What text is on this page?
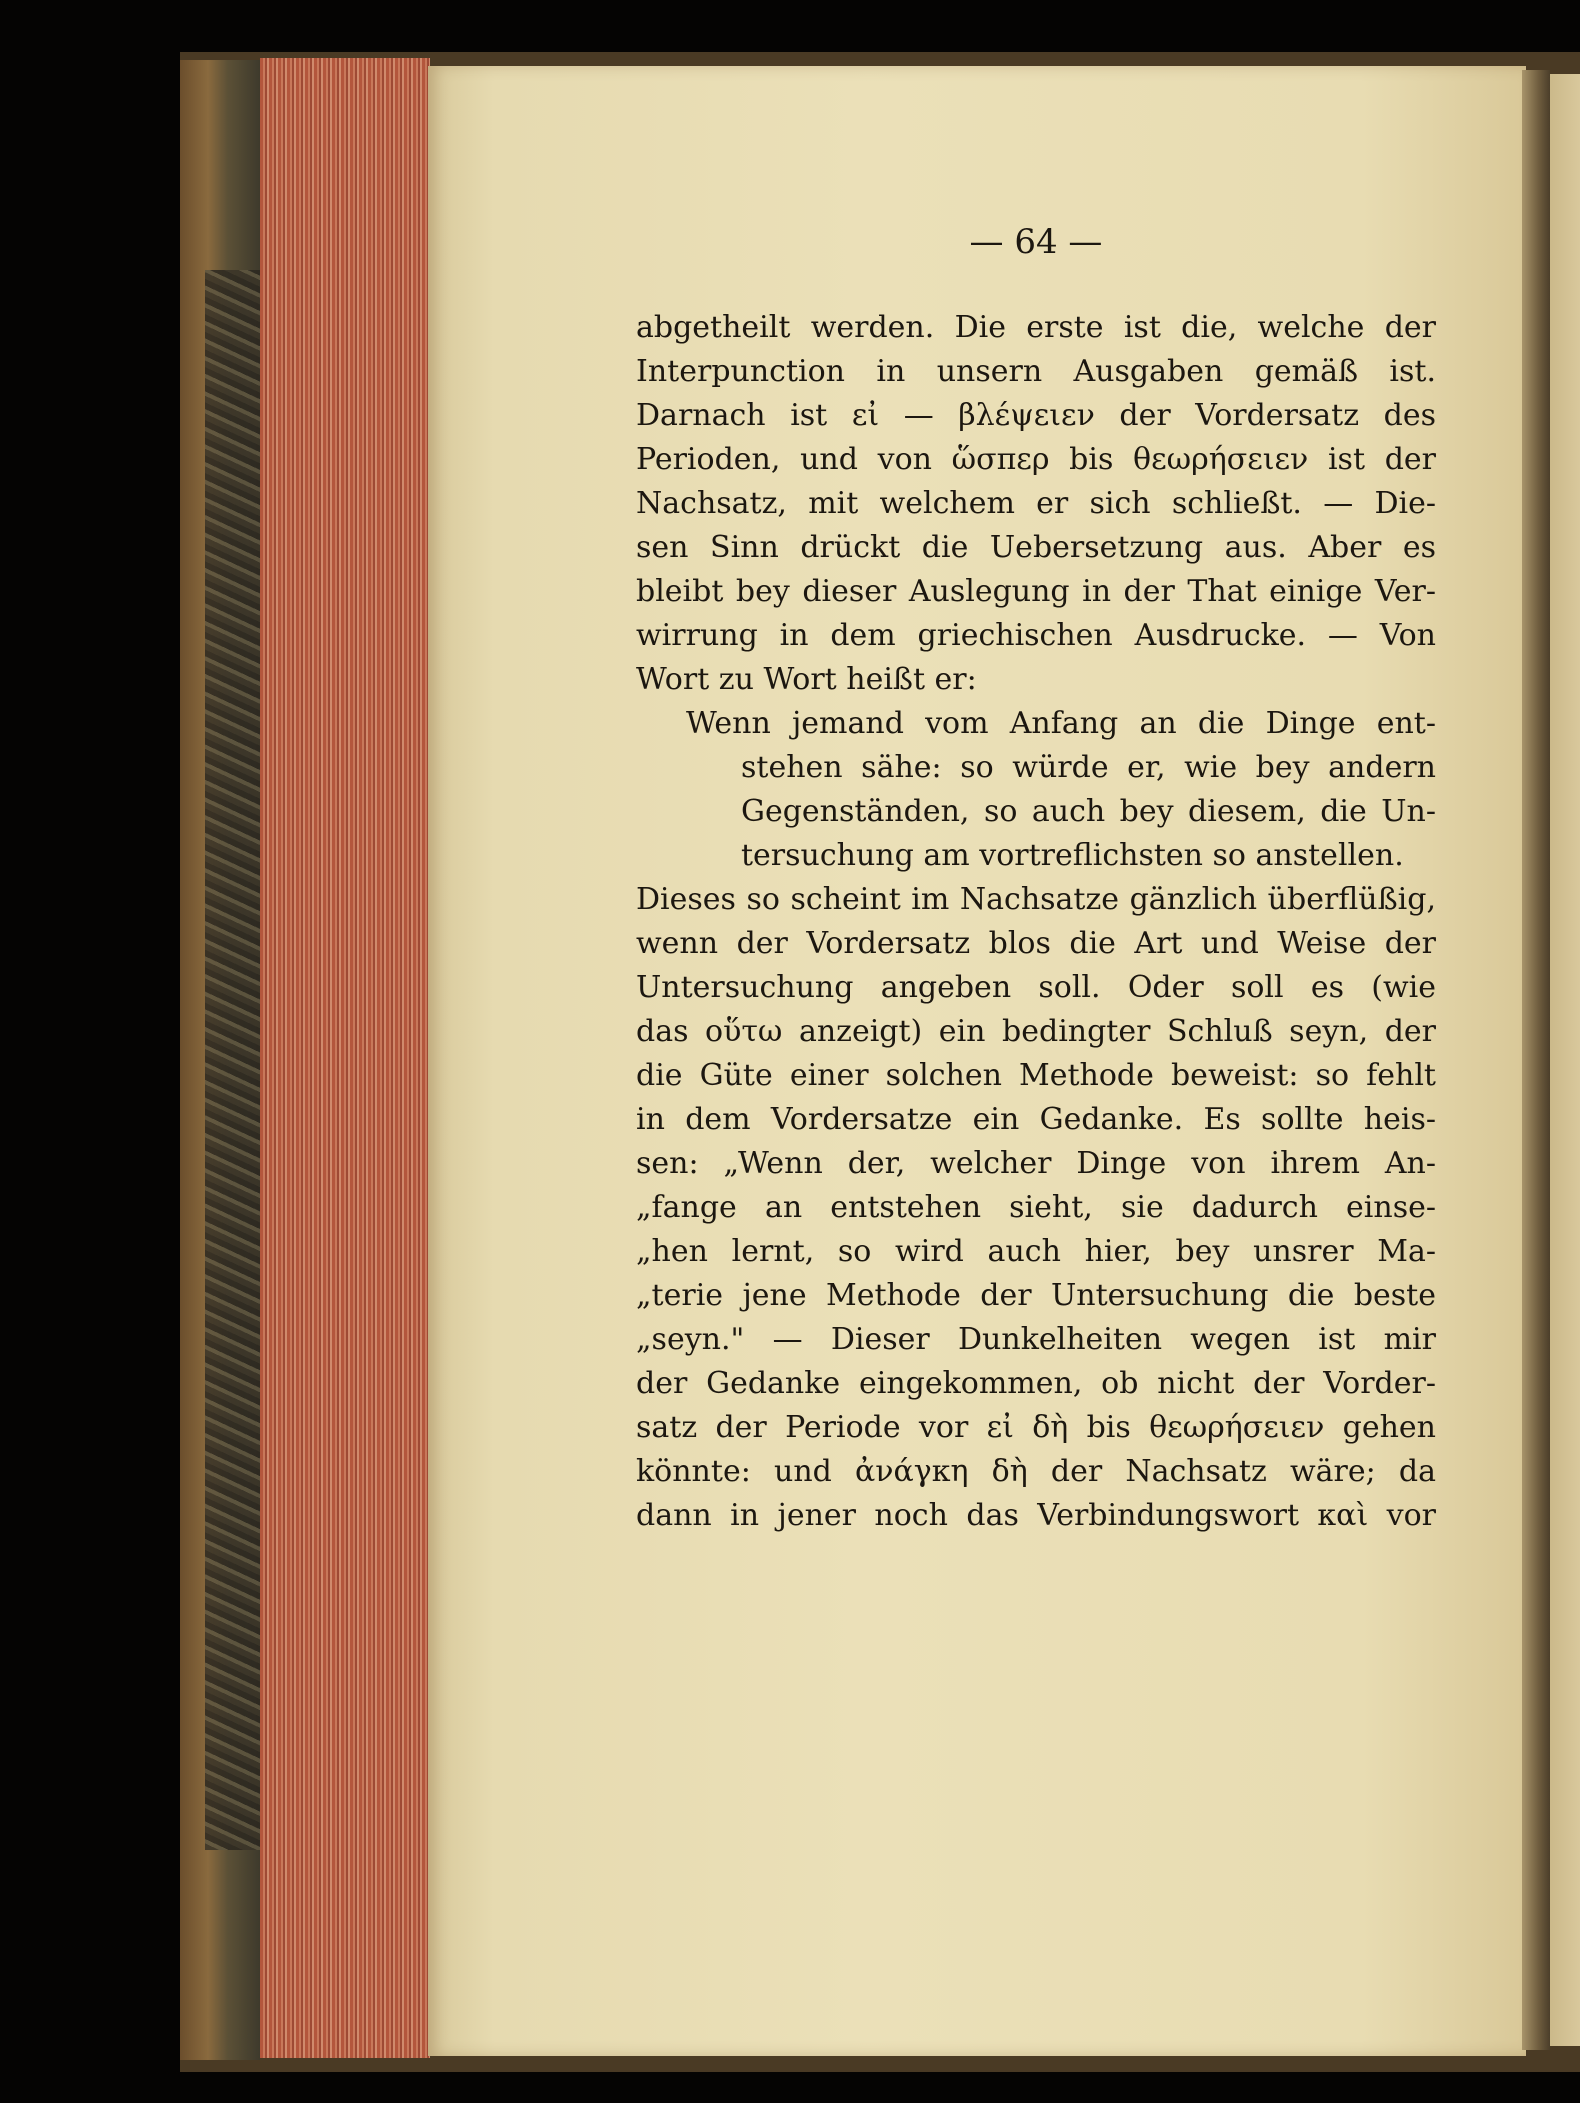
— 64 —
abgetheilt werden. Die erste ist die, welche der
Interpunction in unsern Ausgaben gemäß ist.
Darnach ist εἰ — βλέψειεν der Vordersatz des
Perioden, und von ὥσπερ bis θεωρήσειεν ist der
Nachsatz, mit welchem er sich schließt. — Die-
sen Sinn drückt die Uebersetzung aus. Aber es
bleibt bey dieser Auslegung in der That einige Ver-
wirrung in dem griechischen Ausdrucke. — Von
Wort zu Wort heißt er:
Wenn jemand vom Anfang an die Dinge ent-
stehen sähe: so würde er, wie bey andern
Gegenständen, so auch bey diesem, die Un-
tersuchung am vortreflichsten so anstellen.
Dieses so scheint im Nachsatze gänzlich überflüßig,
wenn der Vordersatz blos die Art und Weise der
Untersuchung angeben soll. Oder soll es (wie
das οὕτω anzeigt) ein bedingter Schluß seyn, der
die Güte einer solchen Methode beweist: so fehlt
in dem Vordersatze ein Gedanke. Es sollte heis-
sen: „Wenn der, welcher Dinge von ihrem An-
„fange an entstehen sieht, sie dadurch einse-
„hen lernt, so wird auch hier, bey unsrer Ma-
„terie jene Methode der Untersuchung die beste
„seyn." — Dieser Dunkelheiten wegen ist mir
der Gedanke eingekommen, ob nicht der Vorder-
satz der Periode vor εἰ δὴ bis θεωρήσειεν gehen
könnte: und ἀνάγκη δὴ der Nachsatz wäre; da
dann in jener noch das Verbindungswort καὶ vor
